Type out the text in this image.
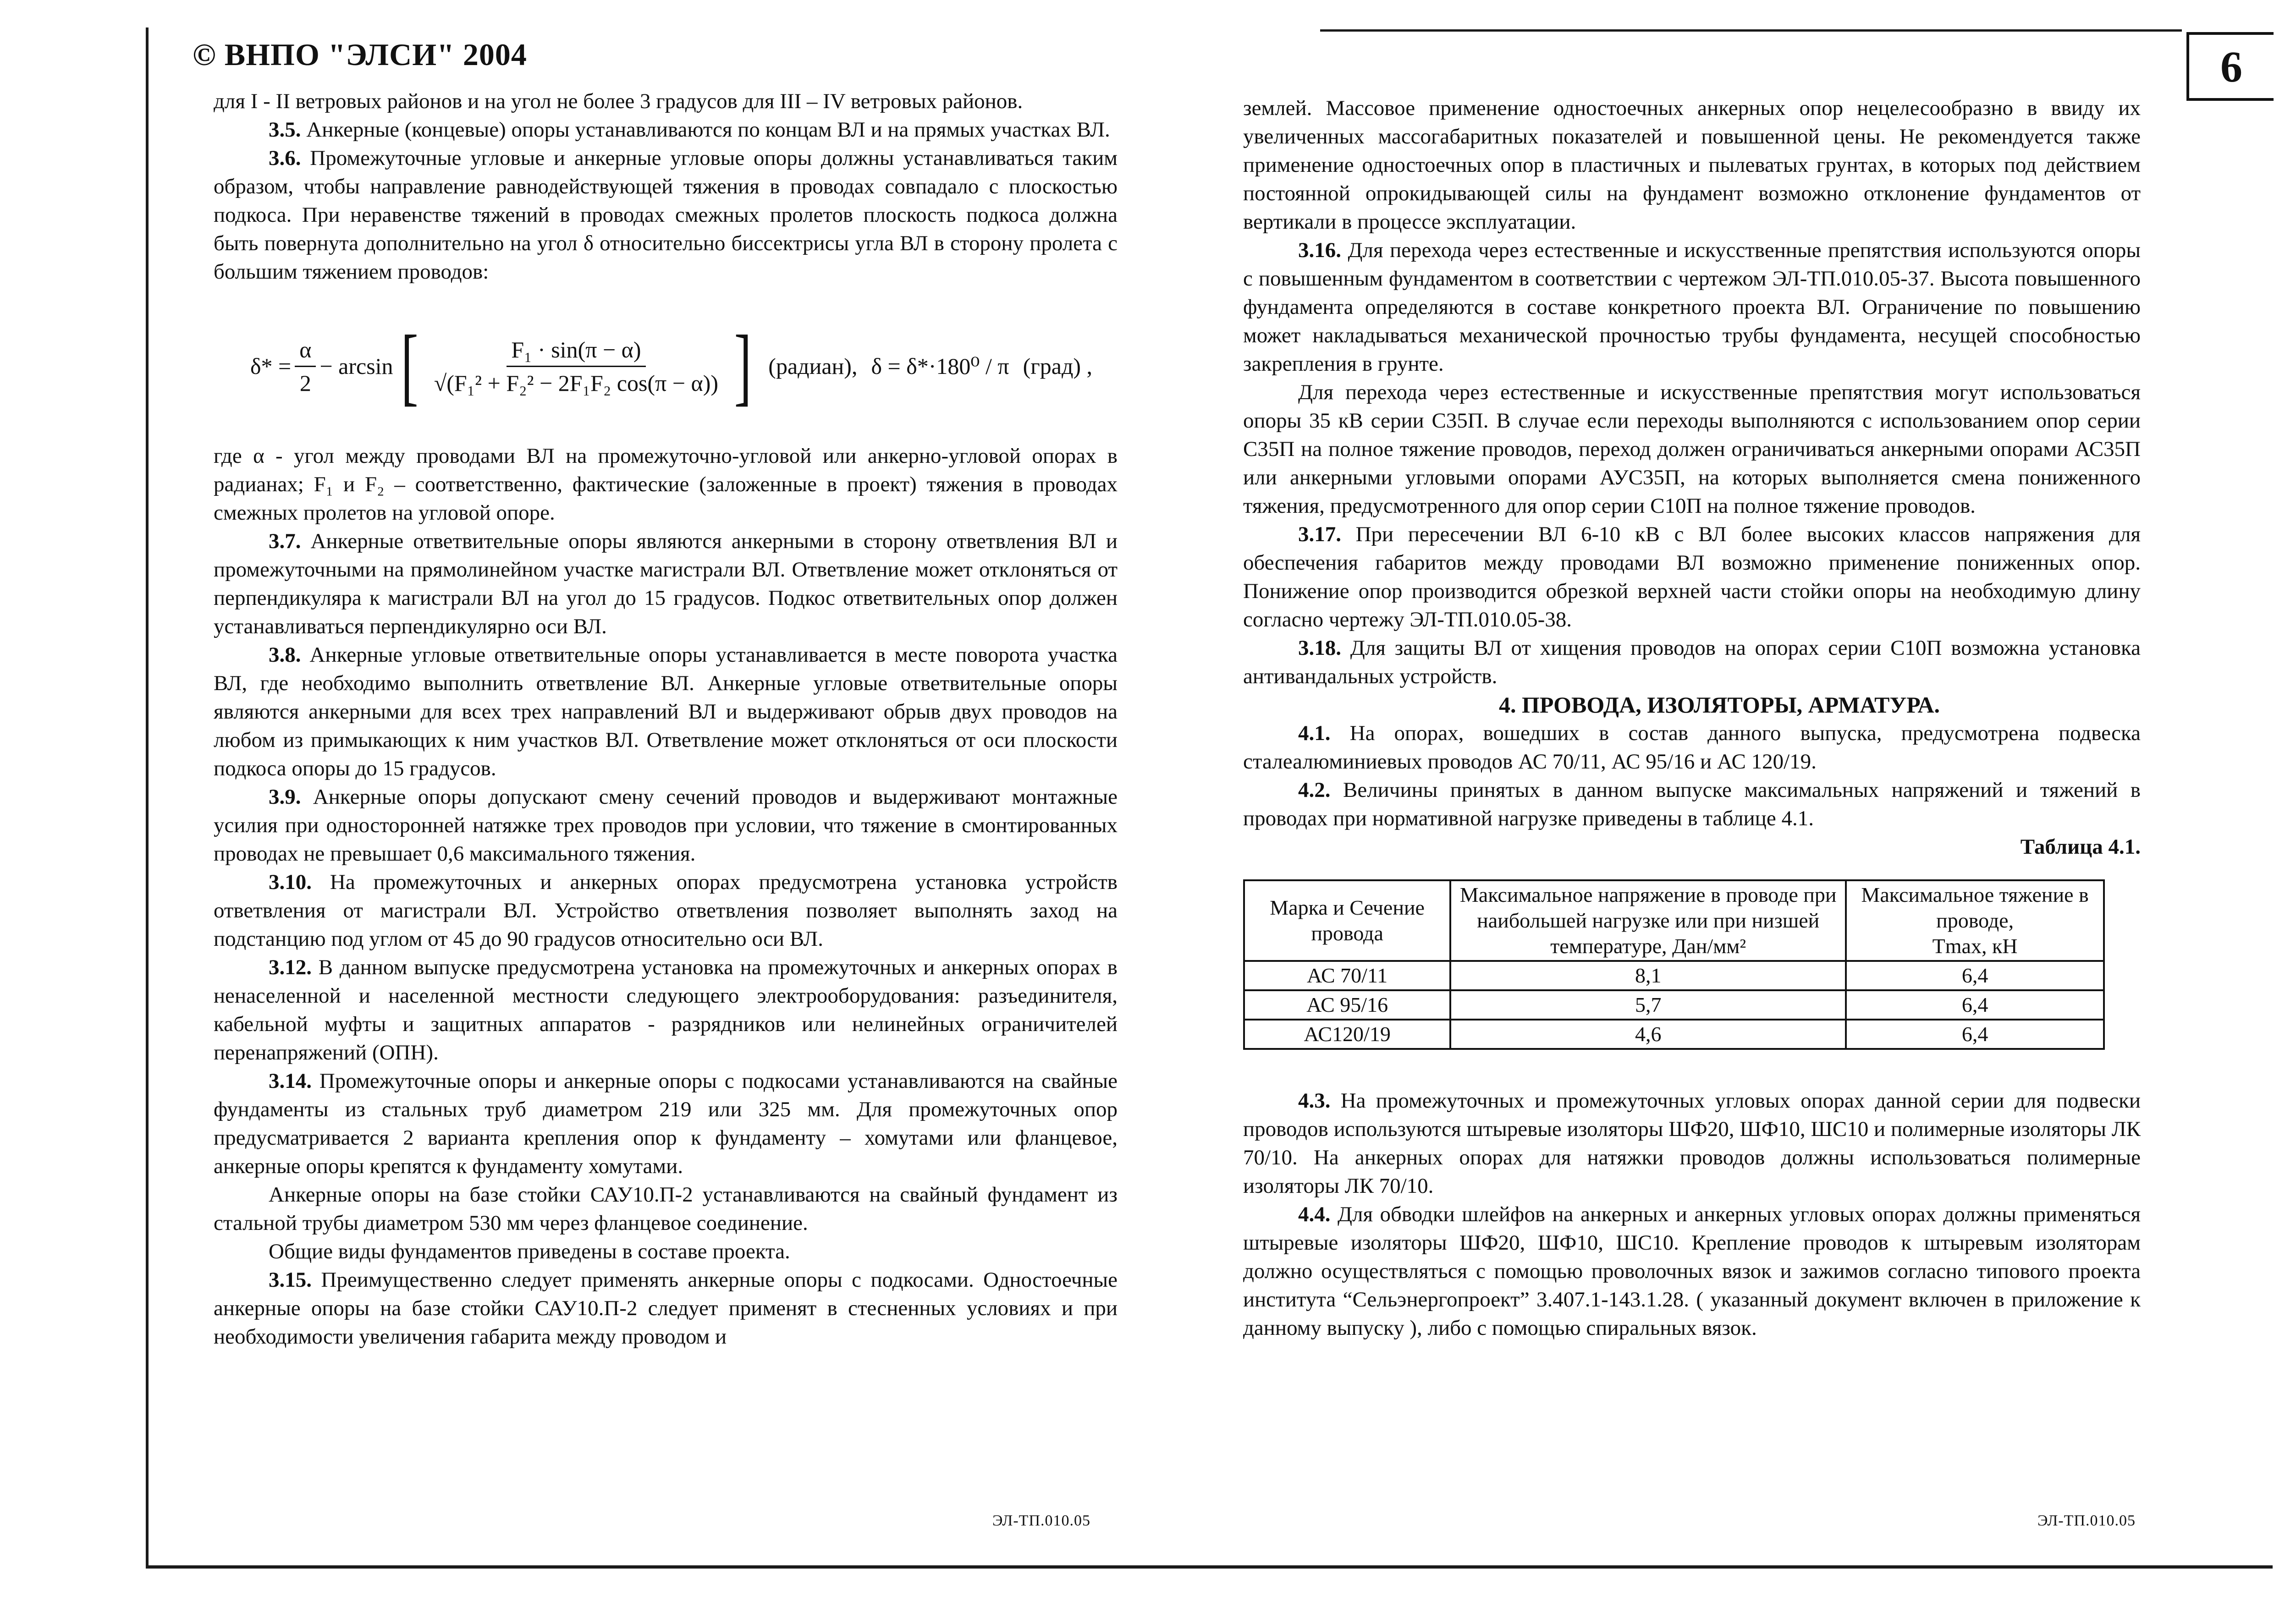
6
© ВНПО "ЭЛСИ" 2004

для I - II ветровых районов и на угол не более 3 градусов для III – IV ветровых районов.

3.5. Анкерные (концевые) опоры устанавливаются по концам ВЛ и на прямых участках ВЛ.

3.6. Промежуточные угловые и анкерные угловые опоры должны устанавливаться таким образом, чтобы направление равнодействующей тяжения в проводах совпадало с плоскостью подкоса. При неравенстве тяжений в проводах смежных пролетов плоскость подкоса должна быть повернута дополнительно на угол δ относительно биссектрисы угла ВЛ в сторону пролета с большим тяжением проводов:

$\delta* = \frac{\alpha}{2} - \arcsin$ [ $\frac{\text{F₁ · sin(π − α)}}{\text{√(F₁² + F₂² − 2F₁F₂ cos(π − α))}}$ ] (радиан), δ = δ*·180⁰ / π (град) ,

где α - угол между проводами ВЛ на промежуточно-угловой или анкерно-угловой опорах в радианах; F₁ и F₂ – соответственно, фактические (заложенные в проект) тяжения в проводах смежных пролетов на угловой опоре.

3.7. Анкерные ответвительные опоры являются анкерными в сторону ответвления ВЛ и промежуточными на прямолинейном участке магистрали ВЛ. Ответвление может отклоняться от перпендикуляра к магистрали ВЛ на угол до 15 градусов. Подкос ответвительных опор должен устанавливаться перпендикулярно оси ВЛ.

3.8. Анкерные угловые ответвительные опоры устанавливается в месте поворота участка ВЛ, где необходимо выполнить ответвление ВЛ. Анкерные угловые ответвительные опоры являются анкерными для всех трех направлений ВЛ и выдерживают обрыв двух проводов на любом из примыкающих к ним участков ВЛ. Ответвление может отклоняться от оси плоскости подкоса опоры до 15 градусов.

3.9. Анкерные опоры допускают смену сечений проводов и выдерживают монтажные усилия при односторонней натяжке трех проводов при условии, что тяжение в смонтированных проводах не превышает 0,6 максимального тяжения.

3.10. На промежуточных и анкерных опорах предусмотрена установка устройств ответвления от магистрали ВЛ. Устройство ответвления позволяет выполнять заход на подстанцию под углом от 45 до 90 градусов относительно оси ВЛ.

3.12. В данном выпуске предусмотрена установка на промежуточных и анкерных опорах в ненаселенной и населенной местности следующего электрооборудования: разъединителя, кабельной муфты и защитных аппаратов - разрядников или нелинейных ограничителей перенапряжений (ОПН).

3.14. Промежуточные опоры и анкерные опоры с подкосами устанавливаются на свайные фундаменты из стальных труб диаметром 219 или 325 мм. Для промежуточных опор предусматривается 2 варианта крепления опор к фундаменту – хомутами или фланцевое, анкерные опоры крепятся к фундаменту хомутами.

Анкерные опоры на базе стойки САУ10.П-2 устанавливаются на свайный фундамент из стальной трубы диаметром 530 мм через фланцевое соединение.

Общие виды фундаментов приведены в составе проекта.

3.15. Преимущественно следует применять анкерные опоры с подкосами. Одностоечные анкерные опоры на базе стойки САУ10.П-2 следует применят в стесненных условиях и при необходимости увеличения габарита между проводом и

землей. Массовое применение одностоечных анкерных опор нецелесообразно в ввиду их увеличенных массогабаритных показателей и повышенной цены. Не рекомендуется также применение одностоечных опор в пластичных и пылеватых грунтах, в которых под действием постоянной опрокидывающей силы на фундамент возможно отклонение фундаментов от вертикали в процессе эксплуатации.

3.16. Для перехода через естественные и искусственные препятствия используются опоры с повышенным фундаментом в соответствии с чертежом ЭЛ-ТП.010.05-37. Высота повышенного фундамента определяются в составе конкретного проекта ВЛ. Ограничение по повышению может накладываться механической прочностью трубы фундамента, несущей способностью закрепления в грунте.

Для перехода через естественные и искусственные препятствия могут использоваться опоры 35 кВ серии С35П. В случае если переходы выполняются с использованием опор серии С35П на полное тяжение проводов, переход должен ограничиваться анкерными опорами АС35П или анкерными угловыми опорами АУС35П, на которых выполняется смена пониженного тяжения, предусмотренного для опор серии С10П на полное тяжение проводов.

3.17. При пересечении ВЛ 6-10 кВ с ВЛ более высоких классов напряжения для обеспечения габаритов между проводами ВЛ возможно применение пониженных опор. Понижение опор производится обрезкой верхней части стойки опоры на необходимую длину согласно чертежу ЭЛ-ТП.010.05-38.

3.18. Для защиты ВЛ от хищения проводов на опорах серии С10П возможна установка антивандальных устройств.

4. ПРОВОДА, ИЗОЛЯТОРЫ, АРМАТУРА.

4.1. На опорах, вошедших в состав данного выпуска, предусмотрена подвеска сталеалюминиевых проводов АС 70/11, АС 95/16 и АС 120/19.

4.2. Величины принятых в данном выпуске максимальных напряжений и тяжений в проводах при нормативной нагрузке приведены в таблице 4.1.

Таблица 4.1.

Марка и Сечение провода	Максимальное напряжение в проводе при наибольшей нагрузке или при низшей температуре, Дан/мм²	Максимальное тяжение в проводе,
Tmax, кН
АС 70/11	8,1	6,4
АС 95/16	5,7	6,4
АС120/19	4,6	6,4

4.3. На промежуточных и промежуточных угловых опорах данной серии для подвески проводов используются штыревые изоляторы ШФ20, ШФ10, ШС10 и полимерные изоляторы ЛК 70/10. На анкерных опорах для натяжки проводов должны использоваться полимерные изоляторы ЛК 70/10.

4.4. Для обводки шлейфов на анкерных и анкерных угловых опорах должны применяться штыревые изоляторы ШФ20, ШФ10, ШС10. Крепление проводов к штыревым изоляторам должно осуществляться с помощью проволочных вязок и зажимов согласно типового проекта института “Сельэнергопроект” 3.407.1-143.1.28. ( указанный документ включен в приложение к данному выпуску ), либо с помощью спиральных вязок.

ЭЛ-ТП.010.05	ЭЛ-ТП.010.05
